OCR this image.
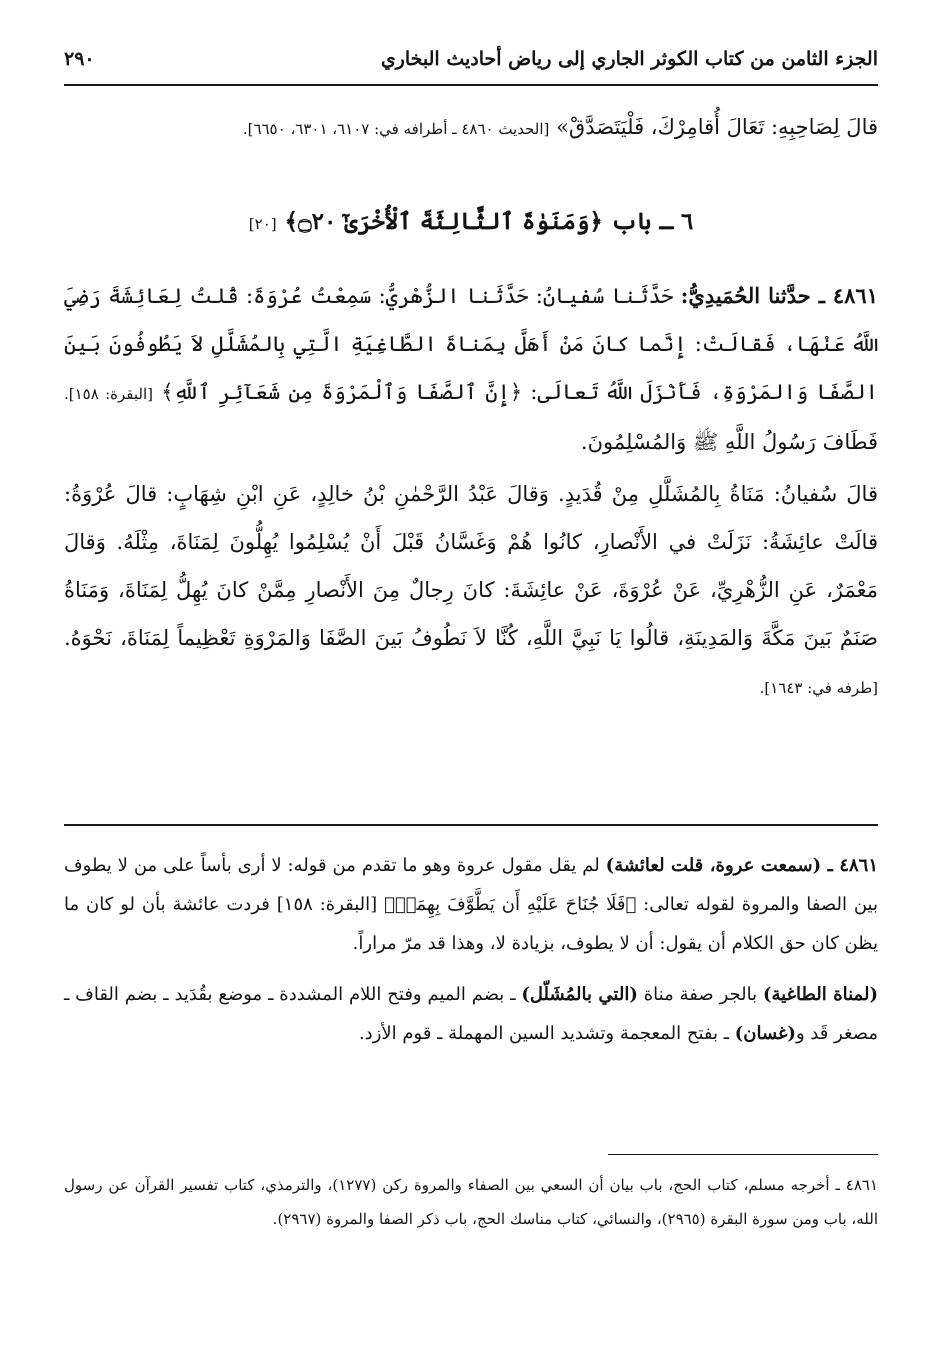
الجزء الثامن من كتاب الكوثر الجاري إلى رياض أحاديث البخاري
٢٩٠
قالَ لِصَاحِبِهِ: تَعَالَ أُقامِرْكَ، فَلْيَتَصَدَّقْ» [الحديث ٤٨٦٠ ـ أطرافه في: ٦١٠٧، ٦٣٠١، ٦٦٥٠].
٦ ـ باب ﴿وَمَنَوٰةَ ٱلثَّالِثَةَ ٱلْأُخْرَىٰٓ ۝٢٠﴾ [٢٠]
٤٨٦١ ـ حدَّثنا الحُمَيدِيُّ: حَدَّثَنا سُفيانُ: حَدَّثَنا الزُّهْريُّ: سَمِعْتُ عُرْوَةَ: قُلتُ لِعَائِشَةَ رَضِيَ اللَّهُ عَنْهَا، فَقالَتْ: إِنَّما كانَ مَنْ أَهَلَّ بِمَناةَ الطَّاغِيَةِ الَّتِي بِالمُشَلَّلِ لاَ يَطُوفُونَ بَينَ الصَّفَا وَالمَرْوَةِ، فَأَنْزَلَ اللَّهُ تَعالَى: ﴿إِنَّ ٱلصَّفَا وَٱلْمَرْوَةَ مِن شَعَآئِرِ ٱللَّهِ﴾ [البقرة: ١٥٨]. فَطَافَ رَسُولُ اللَّهِ ﷺ وَالمُسْلِمُونَ.
قالَ سُفيانُ: مَنَاةُ بِالمُشَلَّلِ مِنْ قُدَيدٍ. وَقالَ عَبْدُ الرَّحْمٰنِ بْنُ خالِدٍ، عَنِ ابْنِ شِهَابٍ: قالَ عُرْوَةُ: قالَتْ عائِشَةُ: نَزَلَتْ في الأَنْصارِ، كانُوا هُمْ وَغَسَّانُ قَبْلَ أَنْ يُسْلِمُوا يُهِلُّونَ لِمَنَاةَ، مِثْلَهُ. وَقالَ مَعْمَرٌ، عَنِ الزُّهْرِيِّ، عَنْ عُرْوَةَ، عَنْ عائِشَةَ: كانَ رِجالٌ مِنَ الأَنْصارِ مِمَّنْ كانَ يُهِلُّ لِمَنَاةَ، وَمَنَاةُ صَنَمٌ بَينَ مَكَّةَ وَالمَدِينَةِ، قالُوا يَا نَبِيَّ اللَّهِ، كُنَّا لاَ نَطُوفُ بَينَ الصَّفَا وَالمَرْوَةِ تَعْظِيماً لِمَنَاةَ، نَحْوَهُ. [طرفه في: ١٦٤٣].

٤٨٦١ ـ (سمعت عروة، قلت لعائشة) لم يقل مقول عروة وهو ما تقدم من قوله: لا أرى بأساً على من لا يطوف بين الصفا والمروة لقوله تعالى: ﴿فَلَا جُنَاحَ عَلَيْهِ أَن يَطَّوَّفَ بِهِمَاۚ﴾ [البقرة: ١٥٨] فردت عائشة بأن لو كان ما يظن كان حق الكلام أن يقول: أن لا يطوف، بزيادة لا، وهذا قد مرّ مراراً.

(لمناة الطاغية) بالجر صفة مناة (التي بالمُشَلّل) ـ بضم الميم وفتح اللام المشددة ـ موضع بقُدَيد ـ بضم القاف ـ مصغر قَد و(غسان) ـ بفتح المعجمة وتشديد السين المهملة ـ قوم الأزد.

٤٨٦١ ـ أخرجه مسلم، كتاب الحج، باب بيان أن السعي بين الصفاء والمروة ركن (١٢٧٧)، والترمذي، كتاب تفسير القرآن عن رسول الله، باب ومن سورة البقرة (٢٩٦٥)، والنسائي، كتاب مناسك الحج، باب ذكر الصفا والمروة (٢٩٦٧).
